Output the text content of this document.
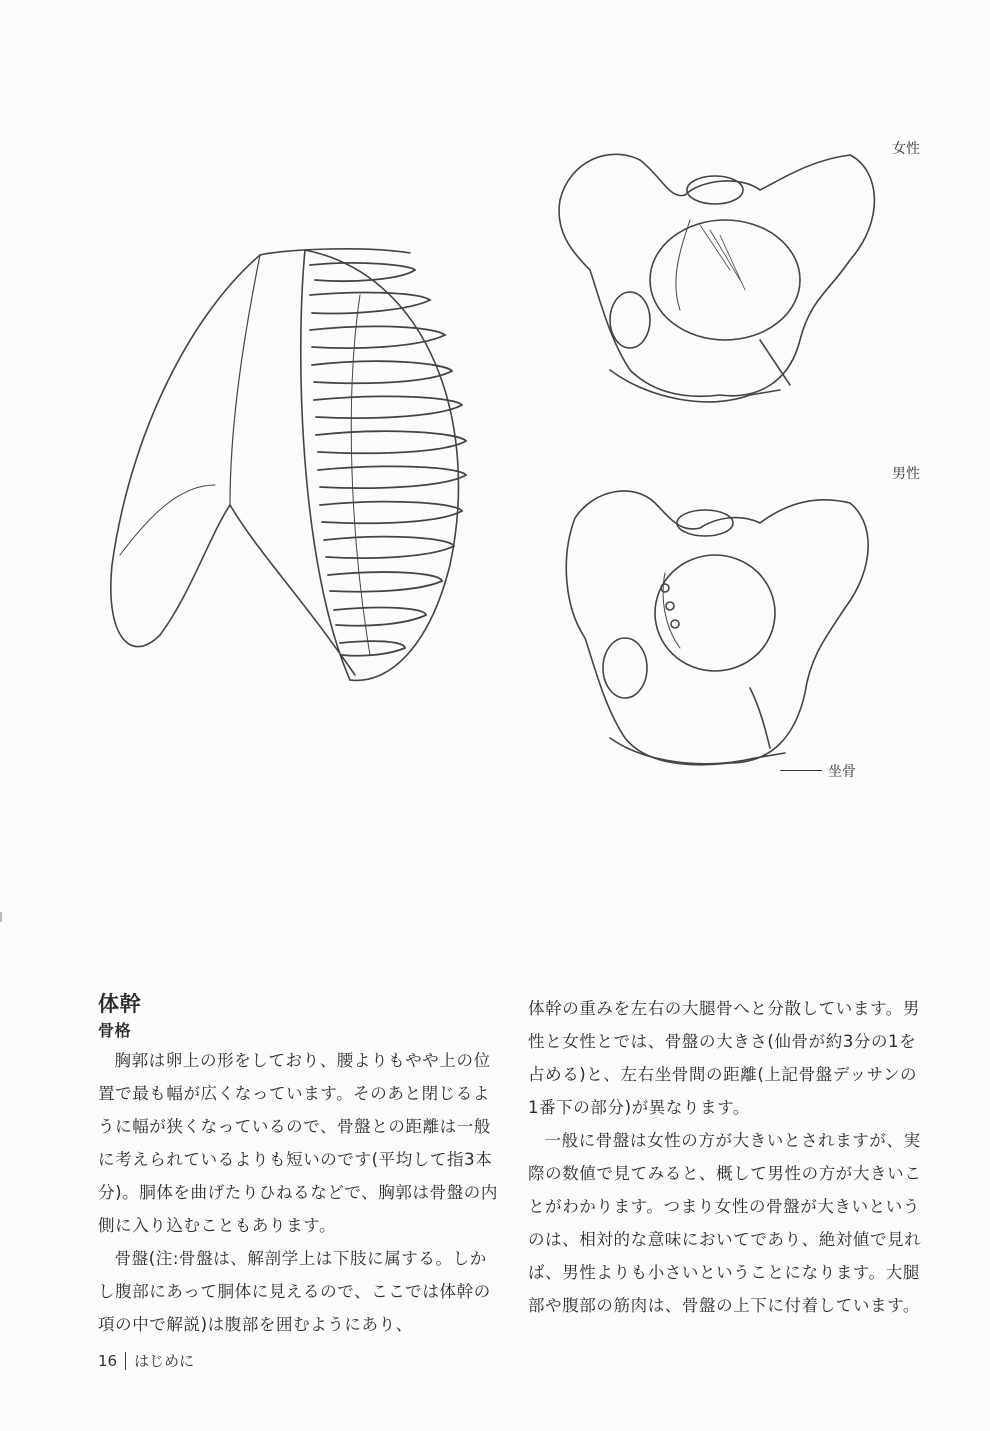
女性
男性
坐骨

体幹

骨格

胸郭は卵上の形をしており、腰よりもやや上の位置で最も幅が広くなっています。そのあと閉じるように幅が狭くなっているので、骨盤との距離は一般に考えられているよりも短いのです(平均して指3本分)。胴体を曲げたりひねるなどで、胸郭は骨盤の内側に入り込むこともあります。

骨盤(注:骨盤は、解剖学上は下肢に属する。しかし腹部にあって胴体に見えるので、ここでは体幹の項の中で解説)は腹部を囲むようにあり、

体幹の重みを左右の大腿骨へと分散しています。男性と女性とでは、骨盤の大きさ(仙骨が約3分の1を占める)と、左右坐骨間の距離(上記骨盤デッサンの1番下の部分)が異なります。

一般に骨盤は女性の方が大きいとされますが、実際の数値で見てみると、概して男性の方が大きいことがわかります。つまり女性の骨盤が大きいというのは、相対的な意味においてであり、絶対値で見れば、男性よりも小さいということになります。大腿部や腹部の筋肉は、骨盤の上下に付着しています。

16 はじめに
